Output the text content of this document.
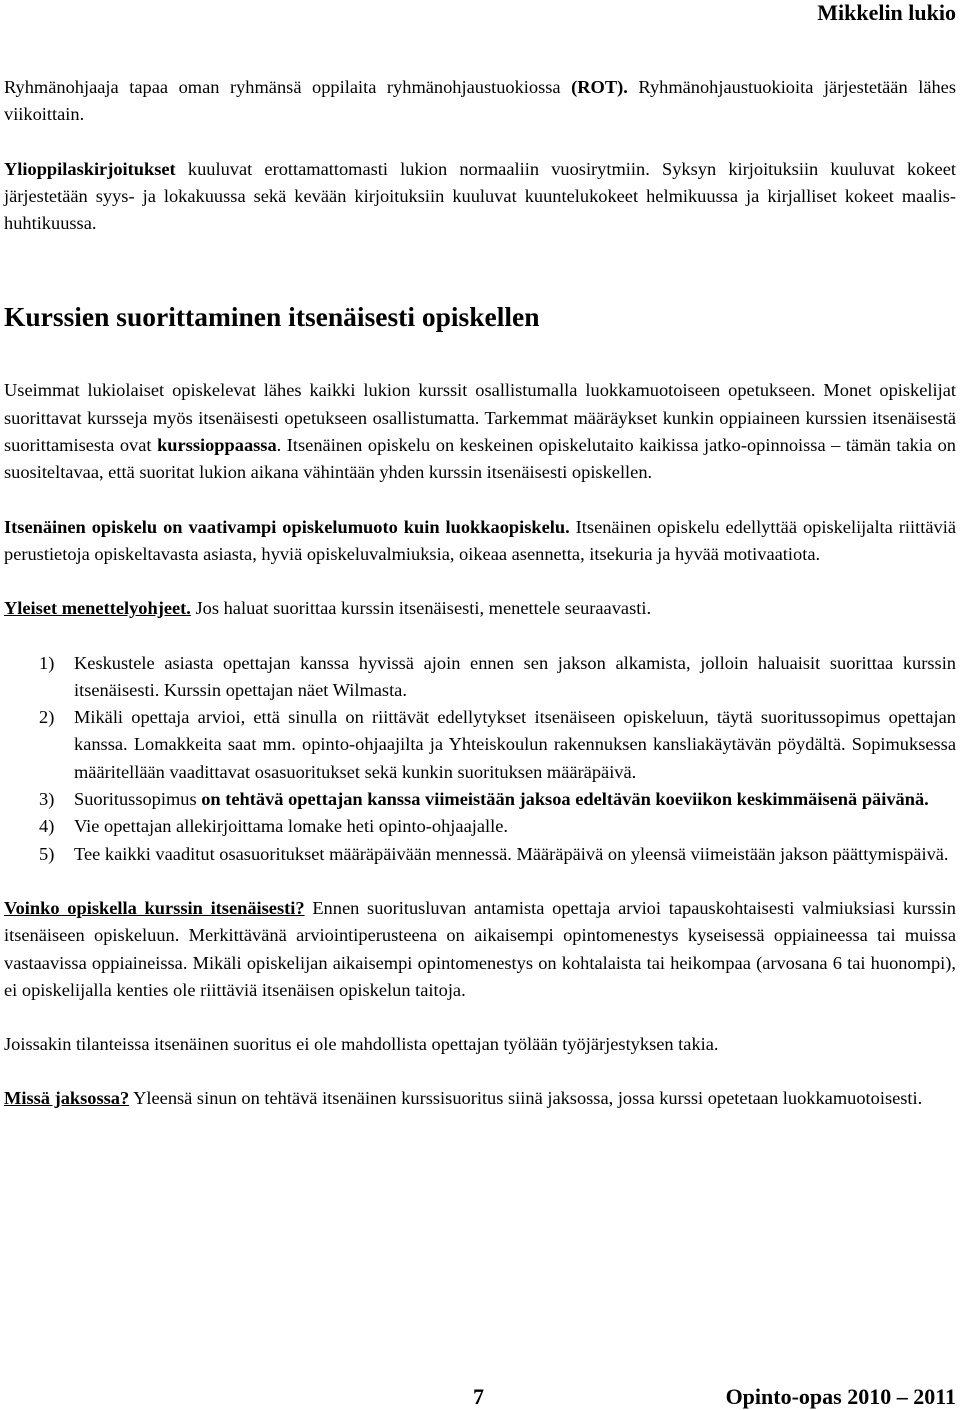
Mikkelin lukio

Ryhmänohjaaja tapaa oman ryhmänsä oppilaita ryhmänohjaustuokiossa (ROT). Ryhmänohjaustuokioita järjestetään lähes viikoittain.

Ylioppilaskirjoitukset kuuluvat erottamattomasti lukion normaaliin vuosirytmiin. Syksyn kirjoituksiin kuuluvat kokeet järjestetään syys- ja lokakuussa sekä kevään kirjoituksiin kuuluvat kuuntelukokeet helmikuussa ja kirjalliset kokeet maalis-huhtikuussa.

Kurssien suorittaminen itsenäisesti opiskellen

Useimmat lukiolaiset opiskelevat lähes kaikki lukion kurssit osallistumalla luokkamuotoiseen opetukseen. Monet opiskelijat suorittavat kursseja myös itsenäisesti opetukseen osallistumatta. Tarkemmat määräykset kunkin oppiaineen kurssien itsenäisestä suorittamisesta ovat kurssioppaassa. Itsenäinen opiskelu on keskeinen opiskelutaito kaikissa jatko-opinnoissa – tämän takia on suositeltavaa, että suoritat lukion aikana vähintään yhden kurssin itsenäisesti opiskellen.

Itsenäinen opiskelu on vaativampi opiskelumuoto kuin luokkaopiskelu. Itsenäinen opiskelu edellyttää opiskelijalta riittäviä perustietoja opiskeltavasta asiasta, hyviä opiskeluvalmiuksia, oikeaa asennetta, itsekuria ja hyvää motivaatiota.

Yleiset menettelyohjeet. Jos haluat suorittaa kurssin itsenäisesti, menettele seuraavasti.

1) Keskustele asiasta opettajan kanssa hyvissä ajoin ennen sen jakson alkamista, jolloin haluaisit suorittaa kurssin itsenäisesti. Kurssin opettajan näet Wilmasta.
2) Mikäli opettaja arvioi, että sinulla on riittävät edellytykset itsenäiseen opiskeluun, täytä suoritussopimus opettajan kanssa. Lomakkeita saat mm. opinto-ohjaajilta ja Yhteiskoulun rakennuksen kansliakäytävän pöydältä. Sopimuksessa määritellään vaadittavat osasuoritukset sekä kunkin suorituksen määräpäivä.
3) Suoritussopimus on tehtävä opettajan kanssa viimeistään jaksoa edeltävän koeviikon keskimmäisenä päivänä.
4) Vie opettajan allekirjoittama lomake heti opinto-ohjaajalle.
5) Tee kaikki vaaditut osasuoritukset määräpäivään mennessä. Määräpäivä on yleensä viimeistään jakson päättymispäivä.

Voinko opiskella kurssin itsenäisesti? Ennen suoritusluvan antamista opettaja arvioi tapauskohtaisesti valmiuksiasi kurssin itsenäiseen opiskeluun. Merkittävänä arviointiperusteena on aikaisempi opintomenestys kyseisessä oppiaineessa tai muissa vastaavissa oppiaineissa. Mikäli opiskelijan aikaisempi opintomenestys on kohtalaista tai heikompaa (arvosana 6 tai huonompi), ei opiskelijalla kenties ole riittäviä itsenäisen opiskelun taitoja.

Joissakin tilanteissa itsenäinen suoritus ei ole mahdollista opettajan työlään työjärjestyksen takia.

Missä jaksossa? Yleensä sinun on tehtävä itsenäinen kurssisuoritus siinä jaksossa, jossa kurssi opetetaan luokkamuotoisesti.

7	Opinto-opas 2010 – 2011
